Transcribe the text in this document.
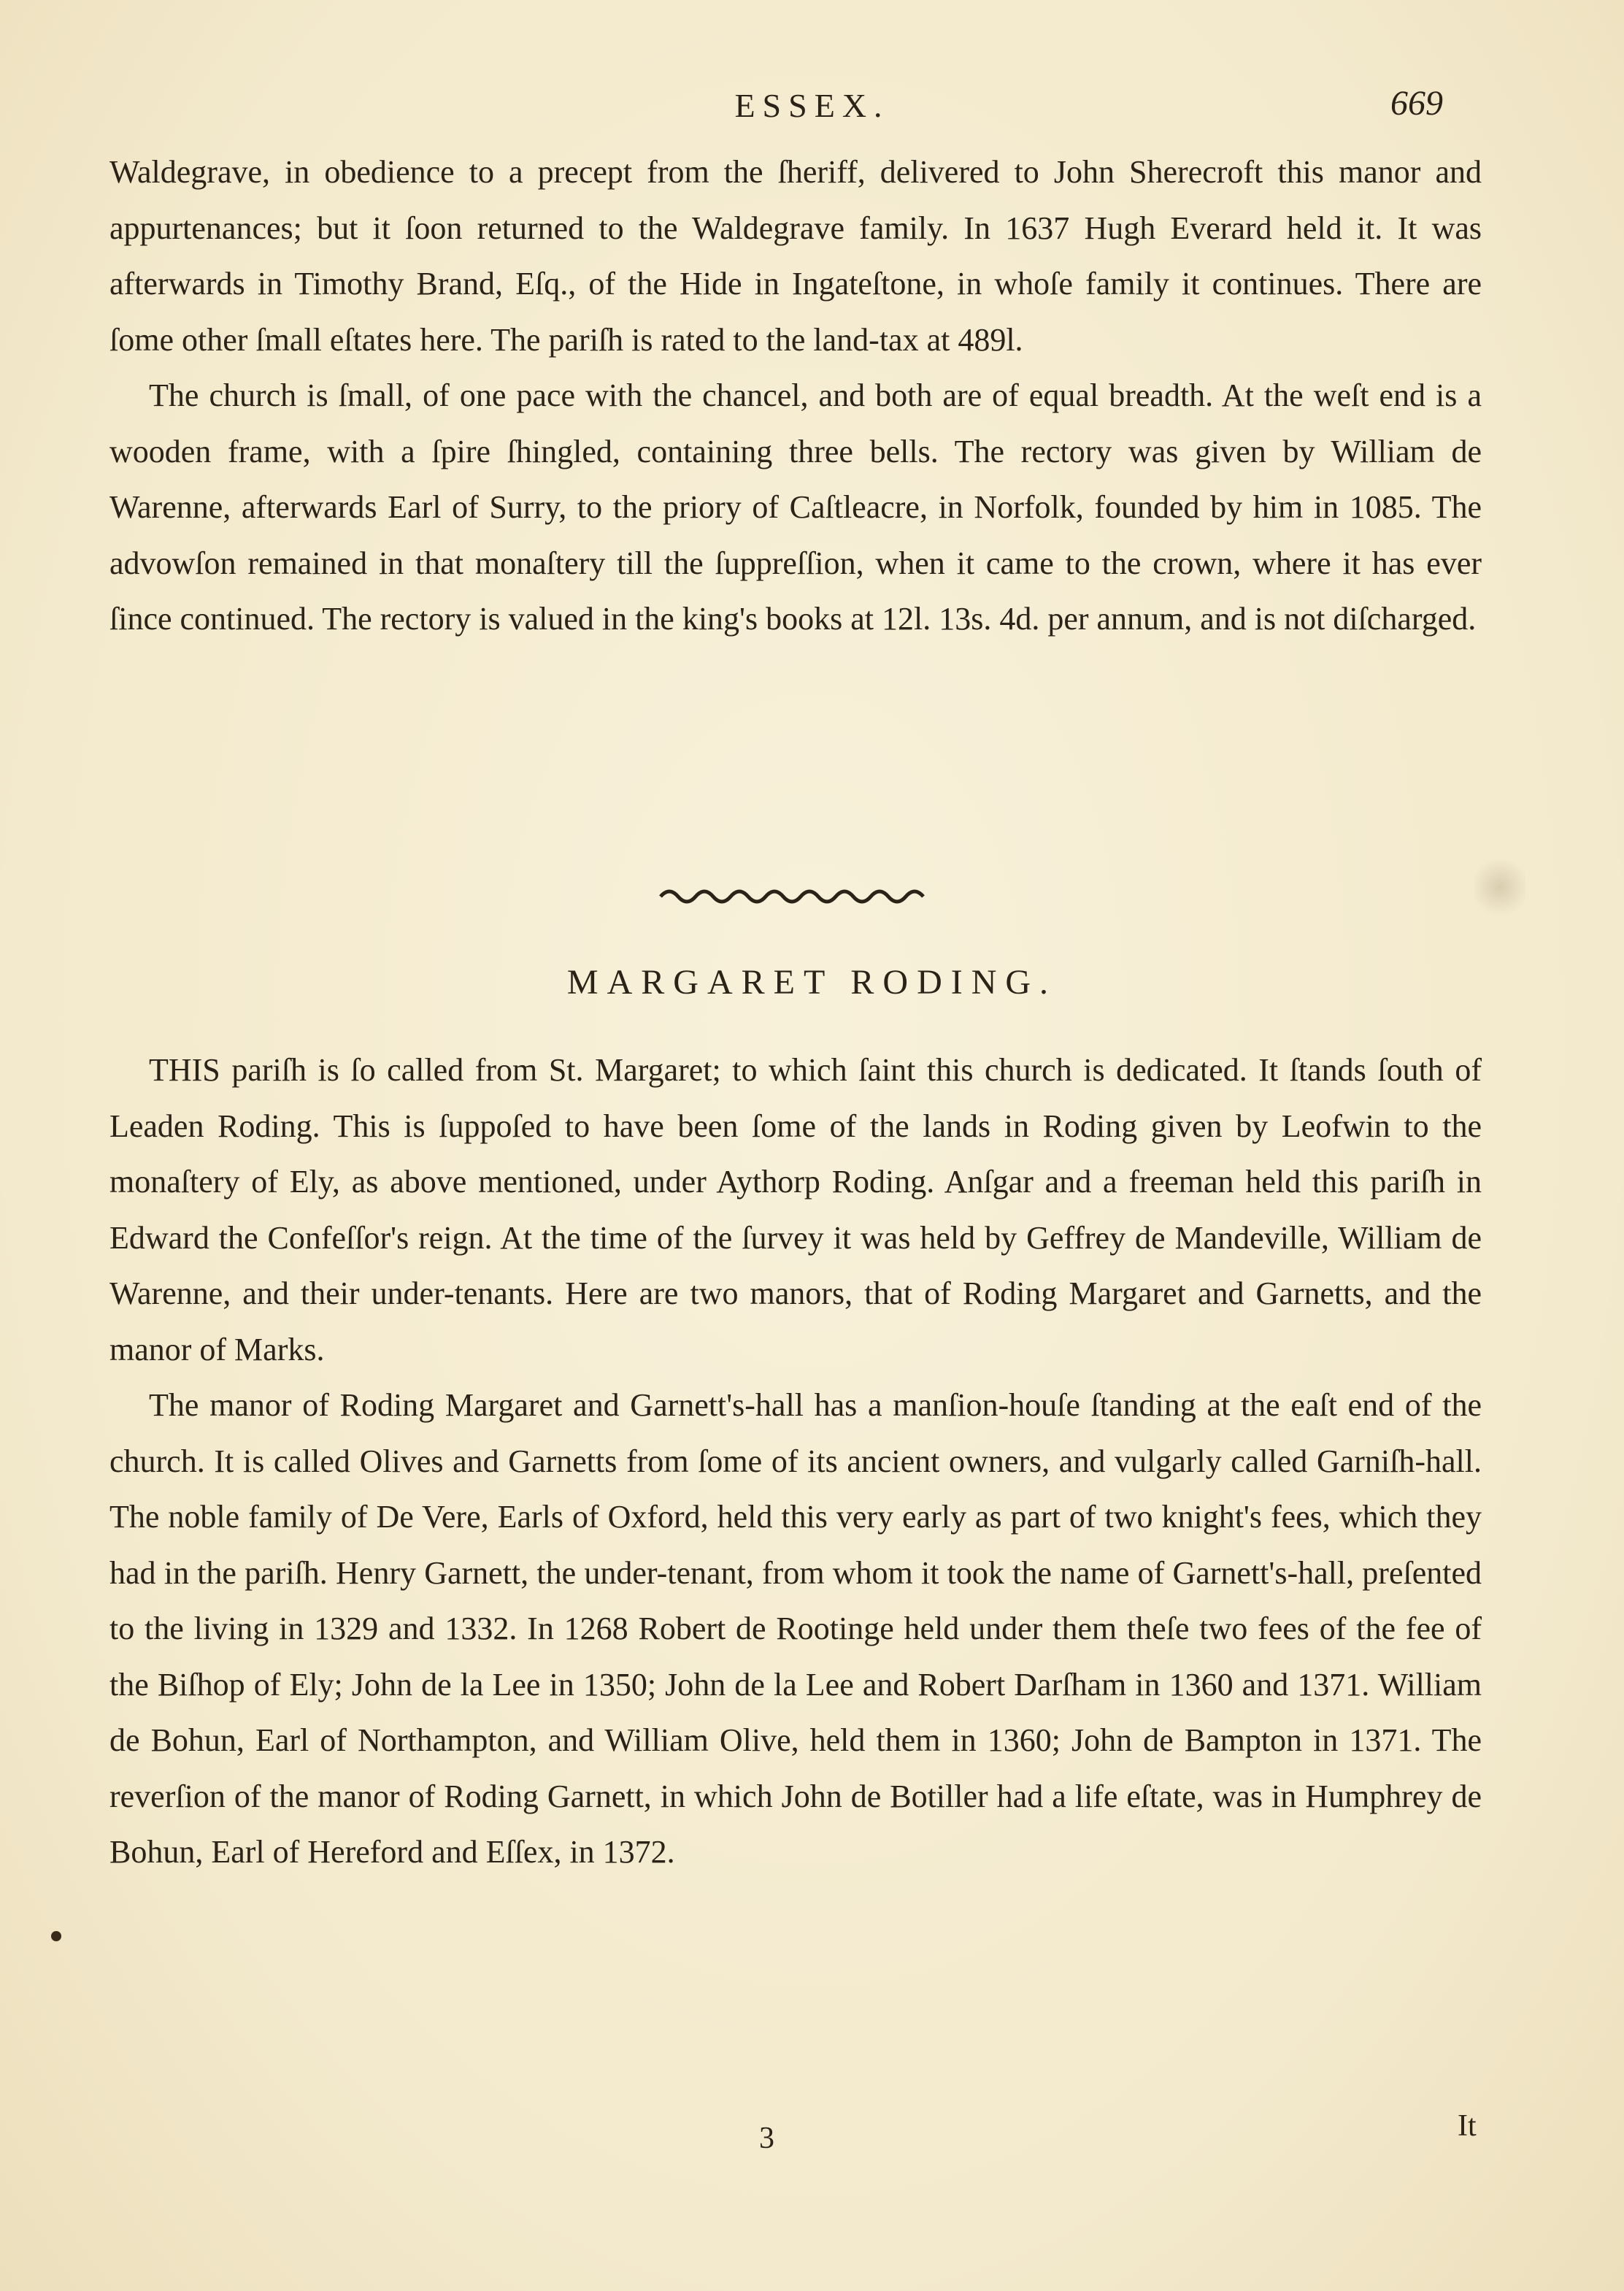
ESSEX.	669

Waldegrave, in obedience to a precept from the ſheriff, delivered to John Sherecroft this manor and appurtenances; but it ſoon returned to the Waldegrave family. In 1637 Hugh Everard held it. It was afterwards in Timothy Brand, Eſq., of the Hide in Ingateſtone, in whoſe family it continues. There are ſome other ſmall eſtates here. The pariſh is rated to the land-tax at 489l.

The church is ſmall, of one pace with the chancel, and both are of equal breadth. At the weſt end is a wooden frame, with a ſpire ſhingled, containing three bells. The rectory was given by William de Warenne, afterwards Earl of Surry, to the priory of Caſtleacre, in Norfolk, founded by him in 1085. The advowſon remained in that monaſtery till the ſuppreſſion, when it came to the crown, where it has ever ſince continued. The rectory is valued in the king's books at 12l. 13s. 4d. per annum, and is not diſcharged.

MARGARET RODING.

THIS pariſh is ſo called from St. Margaret; to which ſaint this church is dedicated. It ſtands ſouth of Leaden Roding. This is ſuppoſed to have been ſome of the lands in Roding given by Leofwin to the monaſtery of Ely, as above mentioned, under Aythorp Roding. Anſgar and a freeman held this pariſh in Edward the Confeſſor's reign. At the time of the ſurvey it was held by Geffrey de Mandeville, William de Warenne, and their under-tenants. Here are two manors, that of Roding Margaret and Garnetts, and the manor of Marks.

The manor of Roding Margaret and Garnett's-hall has a manſion-houſe ſtanding at the eaſt end of the church. It is called Olives and Garnetts from ſome of its ancient owners, and vulgarly called Garniſh-hall. The noble family of De Vere, Earls of Oxford, held this very early as part of two knight's fees, which they had in the pariſh. Henry Garnett, the under-tenant, from whom it took the name of Garnett's-hall, preſented to the living in 1329 and 1332. In 1268 Robert de Rootinge held under them theſe two fees of the fee of the Biſhop of Ely; John de la Lee in 1350; John de la Lee and Robert Darſham in 1360 and 1371. William de Bohun, Earl of Northampton, and William Olive, held them in 1360; John de Bampton in 1371. The reverſion of the manor of Roding Garnett, in which John de Botiller had a life eſtate, was in Humphrey de Bohun, Earl of Hereford and Eſſex, in 1372.

3	It
